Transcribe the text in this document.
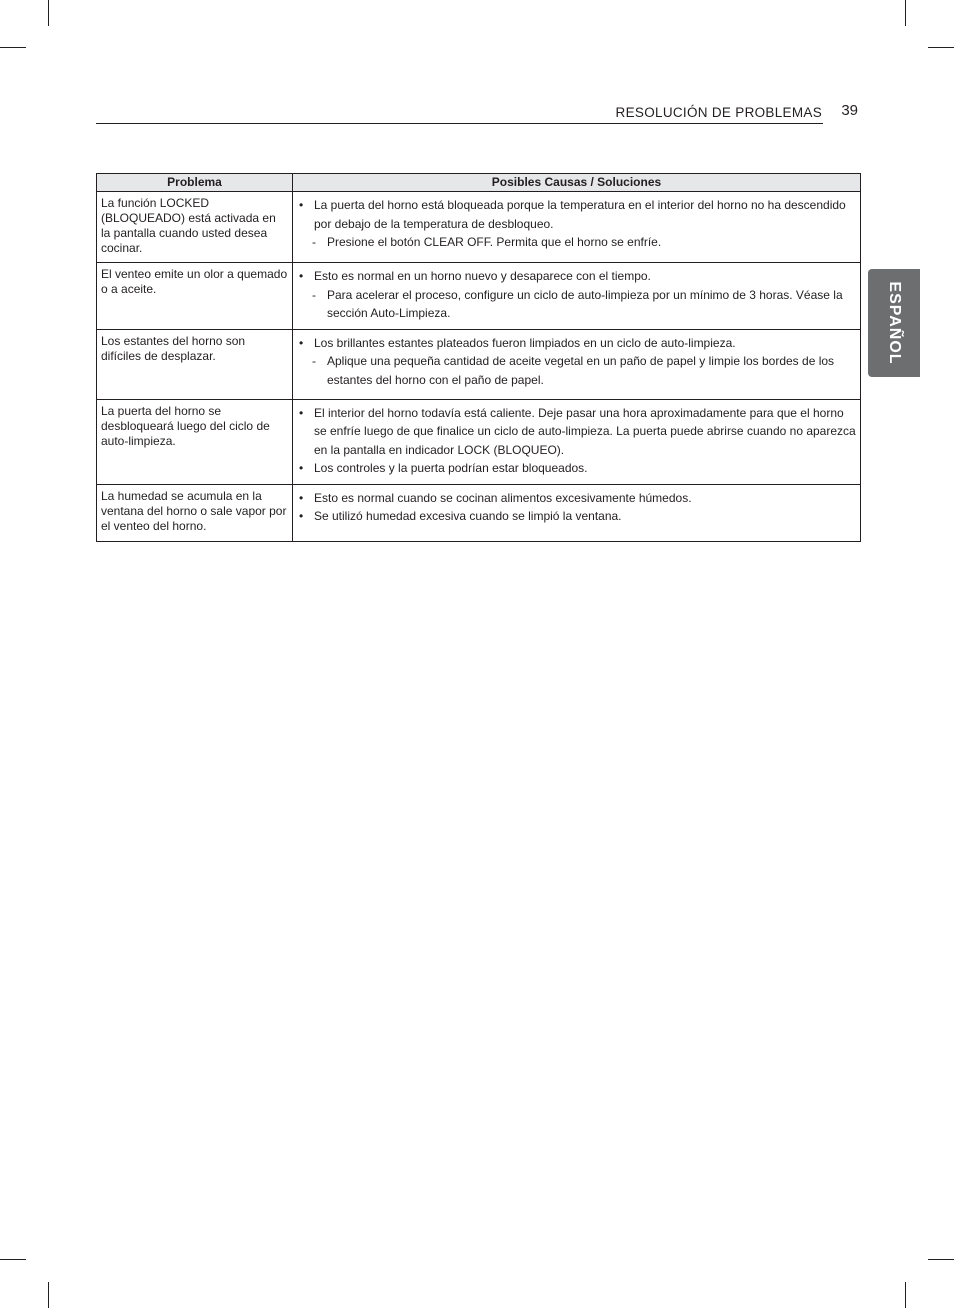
RESOLUCIÓN DE PROBLEMAS 39
ESPAÑOL
Problema	Posibles Causas / Soluciones
La función LOCKED (BLOQUEADO) está activada en la pantalla cuando usted desea cocinar.	• La puerta del horno está bloqueada porque la temperatura en el interior del horno no ha descendido por debajo de la temperatura de desbloqueo.
- Presione el botón CLEAR OFF. Permita que el horno se enfríe.

El venteo emite un olor a quemado o a aceite.	• Esto es normal en un horno nuevo y desaparece con el tiempo.
- Para acelerar el proceso, configure un ciclo de auto-limpieza por un mínimo de 3 horas. Véase la sección Auto-Limpieza.

Los estantes del horno son difíciles de desplazar.	• Los brillantes estantes plateados fueron limpiados en un ciclo de auto-limpieza.
- Aplique una pequeña cantidad de aceite vegetal en un paño de papel y limpie los bordes de los estantes del horno con el paño de papel.

La puerta del horno se desbloqueará luego del ciclo de auto-limpieza.	• El interior del horno todavía está caliente. Deje pasar una hora aproximadamente para que el horno se enfríe luego de que finalice un ciclo de auto-limpieza. La puerta puede abrirse cuando no aparezca en la pantalla en indicador LOCK (BLOQUEO).
• Los controles y la puerta podrían estar bloqueados.

La humedad se acumula en la ventana del horno o sale vapor por el venteo del horno.	• Esto es normal cuando se cocinan alimentos excesivamente húmedos.
• Se utilizó humedad excesiva cuando se limpió la ventana.
